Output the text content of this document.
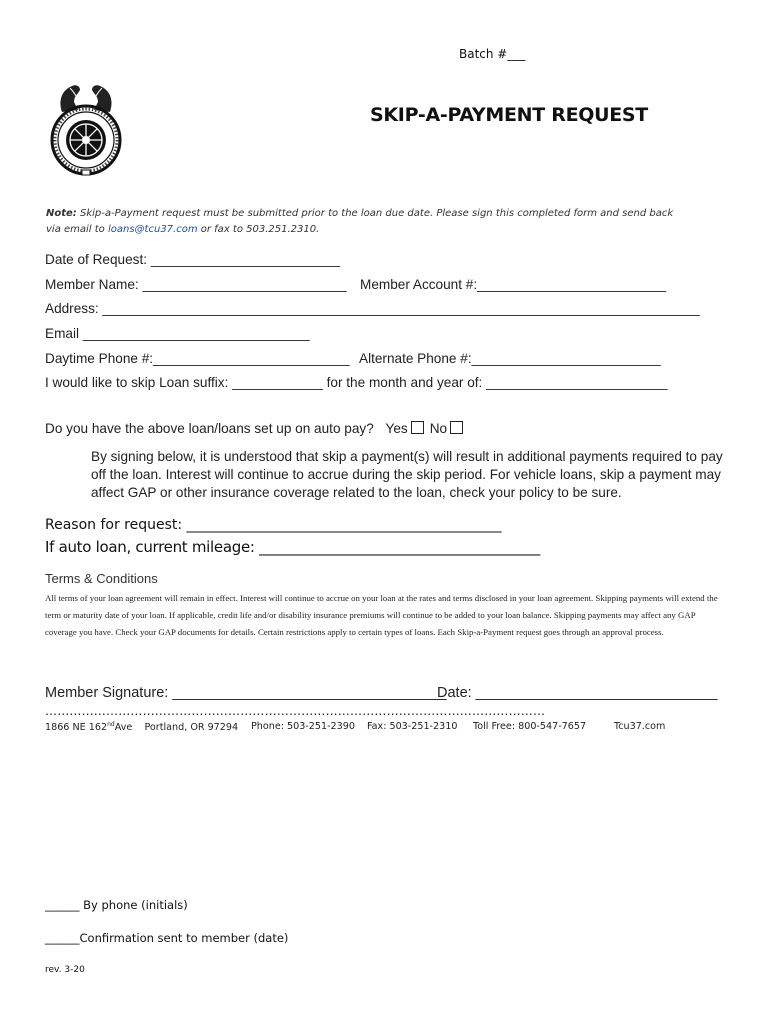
Batch #___
SKIP-A-PAYMENT REQUEST
Note: Skip-a-Payment request must be submitted prior to the loan due date. Please sign this completed form and send back via email to loans@tcu37.com or fax to 503.251.2310.
Date of Request: _________________________
Member Name: ___________________________ Member Account #:_________________________
Address: _______________________________________________________________________________
Email ______________________________
Daytime Phone #:__________________________ Alternate Phone #:_________________________
I would like to skip Loan suffix: ____________ for the month and year of: ________________________
Do you have the above loan/loans set up on auto pay? Yes No
By signing below, it is understood that skip a payment(s) will result in additional payments required to pay off the loan. Interest will continue to accrue during the skip period. For vehicle loans, skip a payment may affect GAP or other insurance coverage related to the loan, check your policy to be sure.
Reason for request: _____________________________________________
If auto loan, current mileage: _______________________________________
Terms & Conditions
All terms of your loan agreement will remain in effect. Interest will continue to accrue on your loan at the rates and terms disclosed in your loan agreement. Skipping payments will extend the term or maturity date of your loan. If applicable, credit life and/or disability insurance premiums will continue to be added to your loan balance. Skipping payments may affect any GAP coverage you have. Check your GAP documents for details. Certain restrictions apply to certain types of loans. Each Skip-a-Payment request goes through an approval process.
Member Signature: __________________________________
Date: ______________________________
……………………………………………………………………………………………………………
1866 NE 162ndAve    Portland, OR 97294 Phone: 503-251-2390 Fax: 503-251-2310 Toll Free: 800-547-7657	Tcu37.com
______ By phone (initials)
______Confirmation sent to member (date)
rev. 3-20
